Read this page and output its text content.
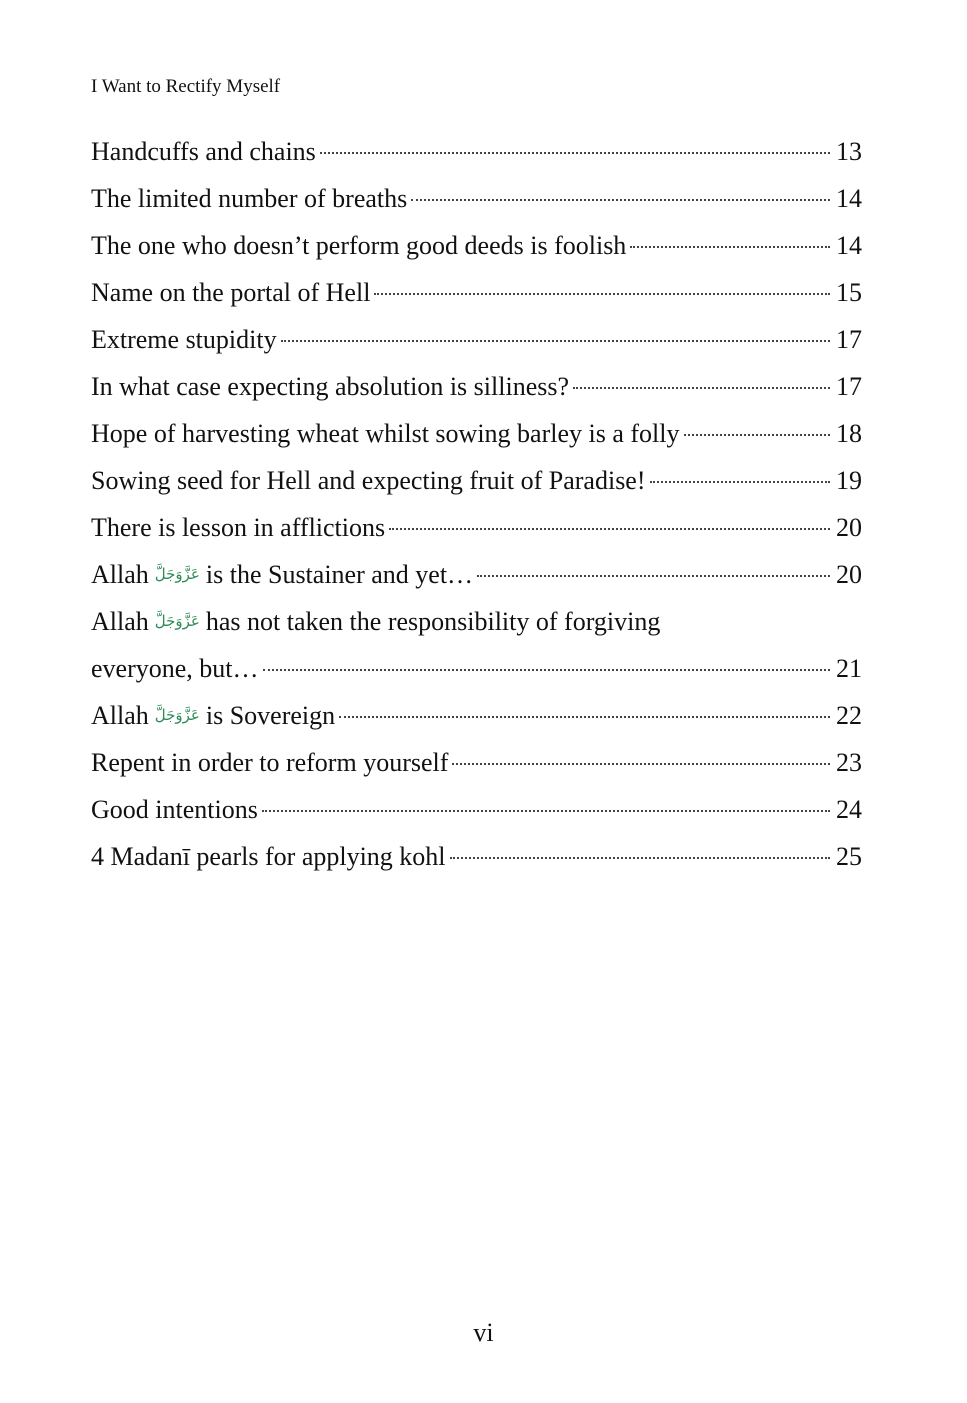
I Want to Rectify Myself
Handcuffs and chains	13
The limited number of breaths	14
The one who doesn’t perform good deeds is foolish	14
Name on the portal of Hell	15
Extreme stupidity	17
In what case expecting absolution is silliness?	17
Hope of harvesting wheat whilst sowing barley is a folly	18
Sowing seed for Hell and expecting fruit of Paradise!	19
There is lesson in afflictions	20
Allah عَزَّوَجَلَّ is the Sustainer and yet…	20
Allah عَزَّوَجَلَّ has not taken the responsibility of forgiving
everyone, but…	21
Allah عَزَّوَجَلَّ is Sovereign	22
Repent in order to reform yourself	23
Good intentions	24
4 Madanī pearls for applying kohl	25
vi
